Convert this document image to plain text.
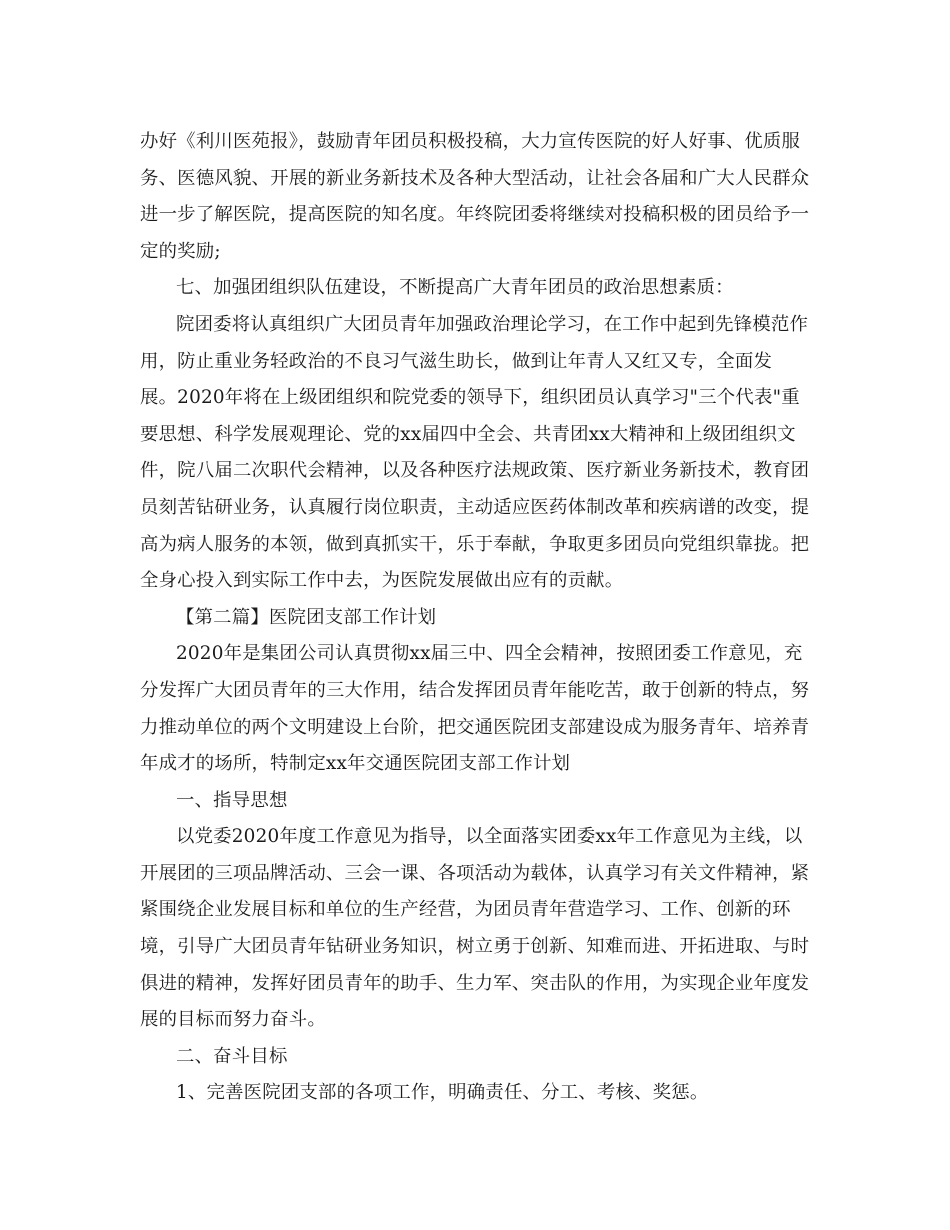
办好《利川医苑报》，鼓励青年团员积极投稿，大力宣传医院的好人好事、优质服
务、医德风貌、开展的新业务新技术及各种大型活动，让社会各届和广大人民群众
进一步了解医院，提高医院的知名度。年终院团委将继续对投稿积极的团员给予一
定的奖励;
七、加强团组织队伍建设，不断提高广大青年团员的政治思想素质：
院团委将认真组织广大团员青年加强政治理论学习，在工作中起到先锋模范作
用，防止重业务轻政治的不良习气滋生助长，做到让年青人又红又专，全面发
展。2020年将在上级团组织和院党委的领导下，组织团员认真学习"三个代表"重
要思想、科学发展观理论、党的xx届四中全会、共青团xx大精神和上级团组织文
件，院八届二次职代会精神，以及各种医疗法规政策、医疗新业务新技术，教育团
员刻苦钻研业务，认真履行岗位职责，主动适应医药体制改革和疾病谱的改变，提
高为病人服务的本领，做到真抓实干，乐于奉献，争取更多团员向党组织靠拢。把
全身心投入到实际工作中去，为医院发展做出应有的贡献。
【第二篇】医院团支部工作计划
2020年是集团公司认真贯彻xx届三中、四全会精神，按照团委工作意见，充
分发挥广大团员青年的三大作用，结合发挥团员青年能吃苦，敢于创新的特点，努
力推动单位的两个文明建设上台阶，把交通医院团支部建设成为服务青年、培养青
年成才的场所，特制定xx年交通医院团支部工作计划
一、指导思想
以党委2020年度工作意见为指导，以全面落实团委xx年工作意见为主线，以
开展团的三项品牌活动、三会一课、各项活动为载体，认真学习有关文件精神，紧
紧围绕企业发展目标和单位的生产经营，为团员青年营造学习、工作、创新的环
境，引导广大团员青年钻研业务知识，树立勇于创新、知难而进、开拓进取、与时
俱进的精神，发挥好团员青年的助手、生力军、突击队的作用，为实现企业年度发
展的目标而努力奋斗。
二、奋斗目标
1、完善医院团支部的各项工作，明确责任、分工、考核、奖惩。
